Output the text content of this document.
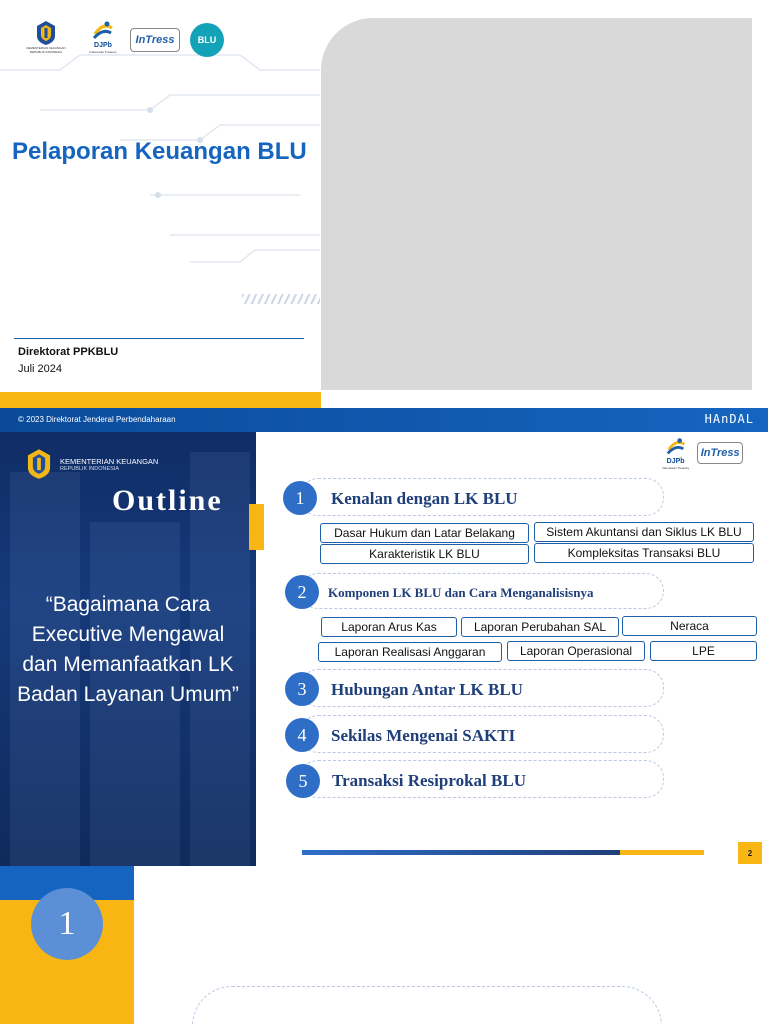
KEMENTERIAN KEUANGAN
REPUBLIK INDONESIA
DJPb
Indonesian Treasury
InTress	BLU
Pelaporan Keuangan BLU
Direktorat PPKBLU
Juli 2024
© 2023 Direktorat Jenderal Perbendaharaan	HAnDAL
KEMENTERIAN KEUANGAN
REPUBLIK INDONESIA
Outline
“Bagaimana Cara Executive Mengawal dan Memanfaatkan LK Badan Layanan Umum”
DJPb
Indonesian Treasury
InTress
1	Kenalan dengan LK BLU
Dasar Hukum dan Latar Belakang	Sistem Akuntansi dan Siklus LK BLU
Karakteristik LK BLU	Kompleksitas Transaksi BLU
2	Komponen LK BLU dan Cara Menganalisisnya
Laporan Arus Kas	Laporan Perubahan SAL	Neraca
Laporan Realisasi Anggaran	Laporan Operasional	LPE
3	Hubungan Antar LK BLU
4	Sekilas Mengenai SAKTI
5	Transaksi Resiprokal BLU
2
1
